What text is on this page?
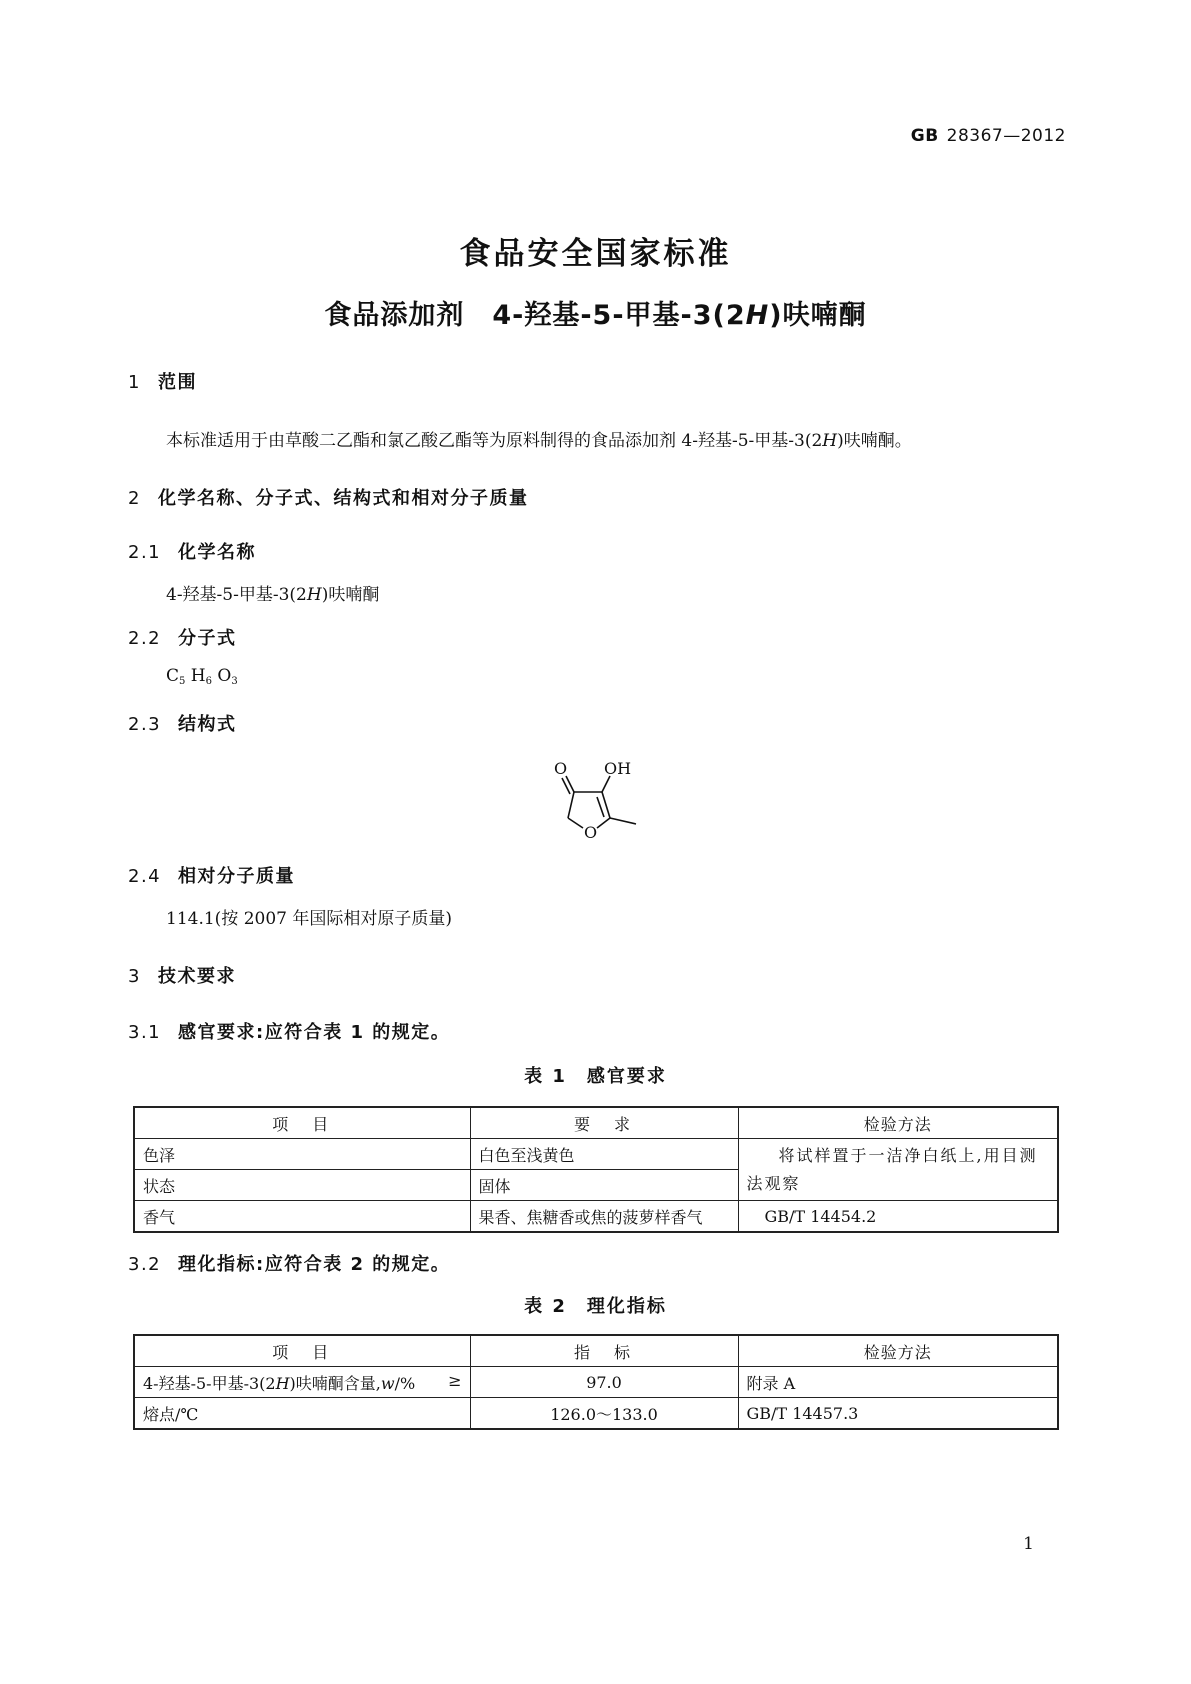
GB 28367—2012
食品安全国家标准
食品添加剂　4-羟基-5-甲基-3(2H)呋喃酮
1 范围
本标准适用于由草酸二乙酯和氯乙酸乙酯等为原料制得的食品添加剂 4-羟基-5-甲基-3(2H)呋喃酮。
2 化学名称、分子式、结构式和相对分子质量
2.1 化学名称
4-羟基-5-甲基-3(2H)呋喃酮
2.2 分子式
$C_5$ $H_6$ $O_3$
2.3 结构式
O OH
O
2.4 相对分子质量
114.1(按 2007 年国际相对原子质量)
3 技术要求
3.1 感官要求:应符合表 1 的规定。
表 1　感官要求
项　目	要　求	检验方法
色泽	白色至浅黄色	将试样置于一洁净白纸上,用目测法观察
状态	固体	
香气	果香、焦糖香或焦的菠萝样香气	GB/T 14454.2
3.2 理化指标:应符合表 2 的规定。
表 2　理化指标
项　目	指　标	检验方法
4-羟基-5-甲基-3(2H)呋喃酮含量,w/% ≥	97.0	附录 A
熔点/℃	126.0～133.0	GB/T 14457.3
1
